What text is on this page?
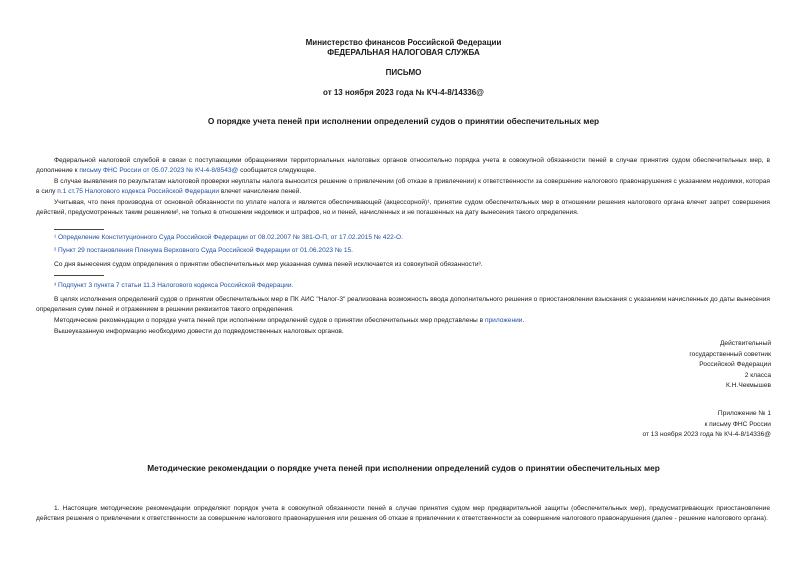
Министерство финансов Российской Федерации
ФЕДЕРАЛЬНАЯ НАЛОГОВАЯ СЛУЖБА
ПИСЬМО
от 13 ноября 2023 года № КЧ-4-8/14336@
О порядке учета пеней при исполнении определений судов о принятии обеспечительных мер
Федеральной налоговой службой в связи с поступающими обращениями территориальных налоговых органов относительно порядка учета в совокупной обязанности пеней в случае принятия судом обеспечительных мер, в дополнение к письму ФНС России от 05.07.2023 № КЧ-4-8/8543@ сообщается следующее.
В случае выявления по результатам налоговой проверки неуплаты налога выносится решение о привлечении (об отказе в привлечении) к ответственности за совершение налогового правонарушения с указанием недоимки, которая в силу п.1 ст.75 Налогового кодекса Российской Федерации влечет начисление пеней.
Учитывая, что пеня производна от основной обязанности по уплате налога и является обеспечивающей (акцессорной)¹, принятие судом обеспечительных мер в отношении решения налогового органа влечет запрет совершения действий, предусмотренных таким решением², не только в отношении недоимок и штрафов, но и пеней, начисленных и не погашенных на дату вынесения такого определения.
¹ Определение Конституционного Суда Российской Федерации от 08.02.2007 № 381-О-П, от 17.02.2015 № 422-О.
² Пункт 29 постановления Пленума Верховного Суда Российской Федерации от 01.06.2023 № 15.
Со дня вынесения судом определения о принятии обеспечительных мер указанная сумма пеней исключается из совокупной обязанности³.
³ Подпункт 3 пункта 7 статьи 11.3 Налогового кодекса Российской Федерации.
В целях исполнения определений судов о принятии обеспечительных мер в ПК АИС "Налог-3" реализована возможность ввода дополнительного решения о приостановлении взыскания с указанием начисленных до даты вынесения определения сумм пеней и отражением в решении реквизитов такого определения.
Методические рекомендации о порядке учета пеней при исполнении определений судов о принятии обеспечительных мер представлены в приложении.
Вышеуказанную информацию необходимо довести до подведомственных налоговых органов.
Действительный
государственный советник
Российской Федерации
2 класса
К.Н.Чекмышев
Приложение № 1
к письму ФНС России
от 13 ноября 2023 года № КЧ-4-8/14336@
Методические рекомендации о порядке учета пеней при исполнении определений судов о принятии обеспечительных мер
1. Настоящие методические рекомендации определяют порядок учета в совокупной обязанности пеней в случае принятия судом мер предварительной защиты (обеспечительных мер), предусматривающих приостановление действия решения о привлечении к ответственности за совершение налогового правонарушения или решения об отказе в привлечении к ответственности за совершение налогового правонарушения (далее - решение налогового органа).
